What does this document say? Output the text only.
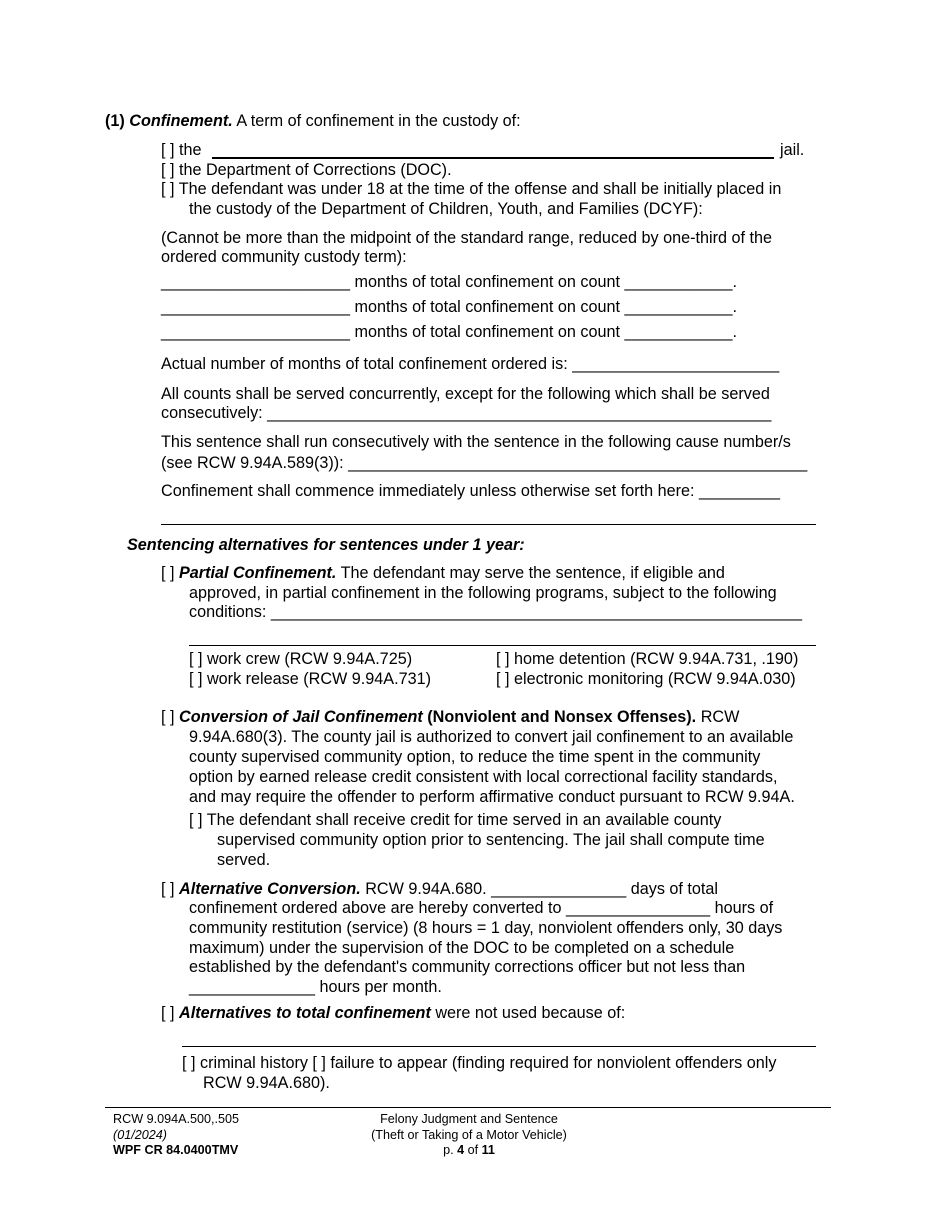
(1) Confinement. A term of confinement in the custody of:
[ ] the	jail.
[ ] the Department of Corrections (DOC).
[ ] The defendant was under 18 at the time of the offense and shall be initially placed in
the custody of the Department of Children, Youth, and Families (DCYF):
(Cannot be more than the midpoint of the standard range, reduced by one-third of the
ordered community custody term):
_____________________ months of total confinement on count ____________.
_____________________ months of total confinement on count ____________.
_____________________ months of total confinement on count ____________.
Actual number of months of total confinement ordered is: _______________________
All counts shall be served concurrently, except for the following which shall be served
consecutively: ________________________________________________________
This sentence shall run consecutively with the sentence in the following cause number/s
(see RCW 9.94A.589(3)): ___________________________________________________
Confinement shall commence immediately unless otherwise set forth here: _________
Sentencing alternatives for sentences under 1 year:
[ ] Partial Confinement. The defendant may serve the sentence, if eligible and
approved, in partial confinement in the following programs, subject to the following
conditions: ___________________________________________________________
[ ] work crew (RCW 9.94A.725)
[ ] work release (RCW 9.94A.731)
[ ] home detention (RCW 9.94A.731, .190)
[ ] electronic monitoring (RCW 9.94A.030)
[ ] Conversion of Jail Confinement (Nonviolent and Nonsex Offenses). RCW
9.94A.680(3). The county jail is authorized to convert jail confinement to an available
county supervised community option, to reduce the time spent in the community
option by earned release credit consistent with local correctional facility standards,
and may require the offender to perform affirmative conduct pursuant to RCW 9.94A.
[ ] The defendant shall receive credit for time served in an available county
supervised community option prior to sentencing. The jail shall compute time
served.
[ ] Alternative Conversion. RCW 9.94A.680. _______________ days of total
confinement ordered above are hereby converted to ________________ hours of
community restitution (service) (8 hours = 1 day, nonviolent offenders only, 30 days
maximum) under the supervision of the DOC to be completed on a schedule
established by the defendant's community corrections officer but not less than
______________ hours per month.
[ ] Alternatives to total confinement were not used because of:
[ ] criminal history [ ] failure to appear (finding required for nonviolent offenders only
RCW 9.94A.680).
RCW 9.094A.500,.505
(01/2024)
WPF CR 84.0400TMV
Felony Judgment and Sentence
(Theft or Taking of a Motor Vehicle)
p. 4 of 11
